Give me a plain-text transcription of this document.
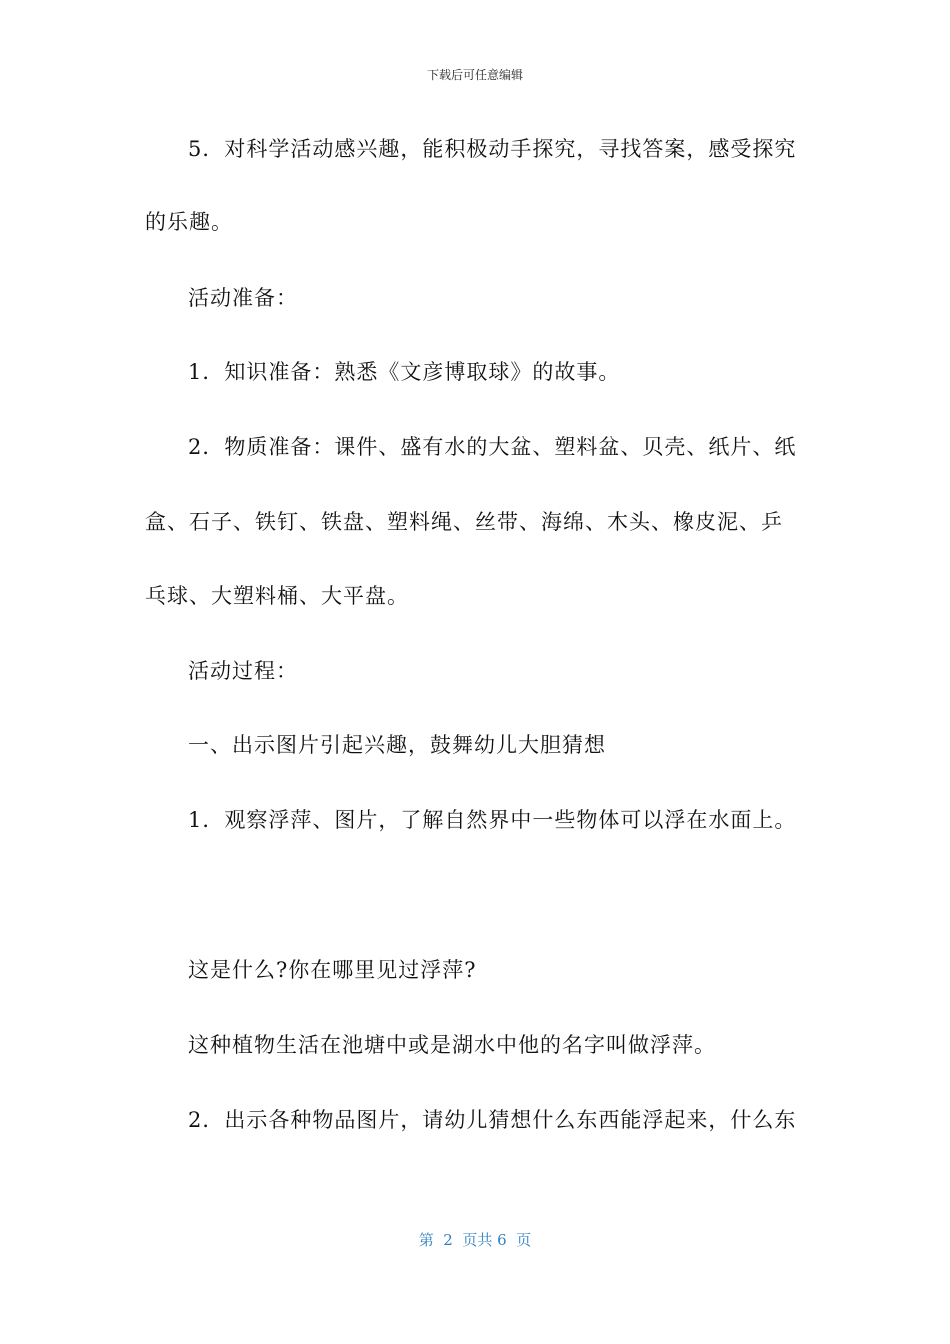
下载后可任意编辑
5．对科学活动感兴趣，能积极动手探究，寻找答案，感受探究
的乐趣。
活动准备：
1．知识准备：熟悉《文彦博取球》的故事。
2．物质准备：课件、盛有水的大盆、塑料盆、贝壳、纸片、纸
盒、石子、铁钉、铁盘、塑料绳、丝带、海绵、木头、橡皮泥、乒
乓球、大塑料桶、大平盘。
活动过程：
一、出示图片引起兴趣，鼓舞幼儿大胆猜想
1．观察浮萍、图片，了解自然界中一些物体可以浮在水面上。
这是什么?你在哪里见过浮萍?
这种植物生活在池塘中或是湖水中他的名字叫做浮萍。
2．出示各种物品图片，请幼儿猜想什么东西能浮起来，什么东
第  2  页共 6  页
